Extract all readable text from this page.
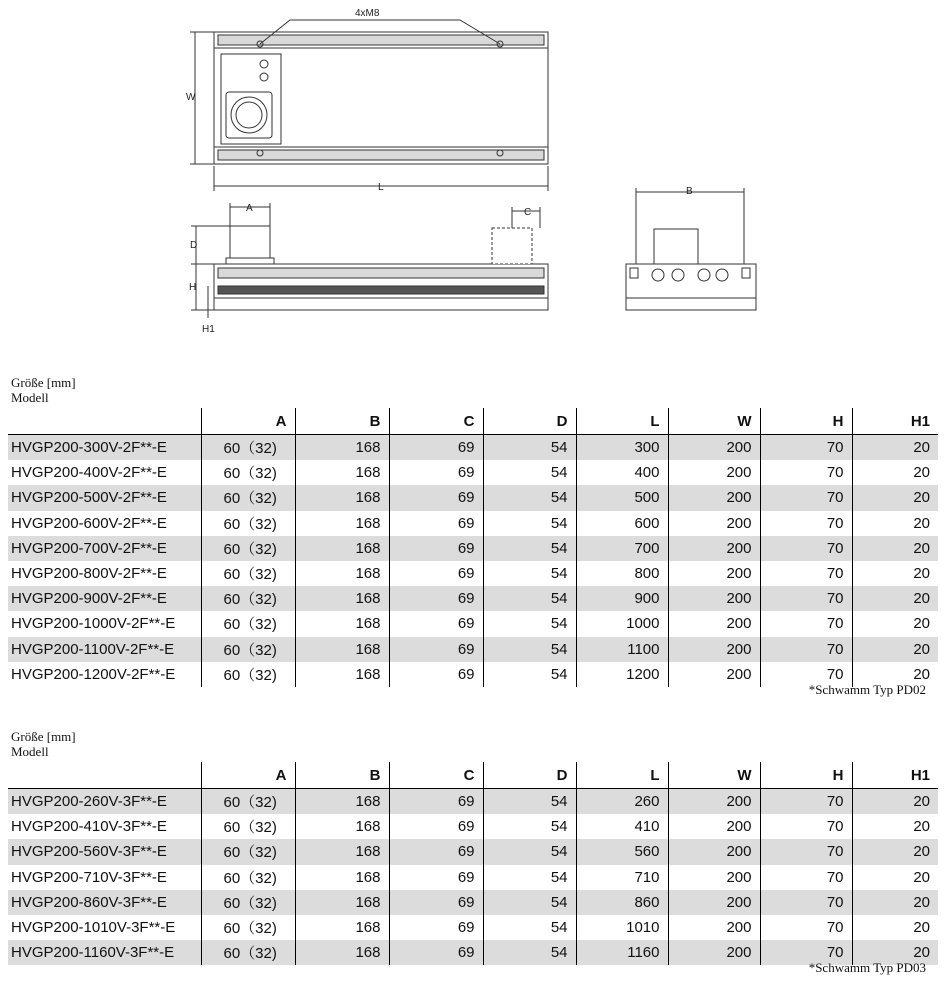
4xM8
W
L
A	C
D
H
H1
B
Größe [mm]
Modell
	A	B	C	D	L	W	H	H1
HVGP200-300V-2F**-E	60（32)	168	69	54	300	200	70	20
HVGP200-400V-2F**-E	60（32)	168	69	54	400	200	70	20
HVGP200-500V-2F**-E	60（32)	168	69	54	500	200	70	20
HVGP200-600V-2F**-E	60（32)	168	69	54	600	200	70	20
HVGP200-700V-2F**-E	60（32)	168	69	54	700	200	70	20
HVGP200-800V-2F**-E	60（32)	168	69	54	800	200	70	20
HVGP200-900V-2F**-E	60（32)	168	69	54	900	200	70	20
HVGP200-1000V-2F**-E	60（32)	168	69	54	1000	200	70	20
HVGP200-1100V-2F**-E	60（32)	168	69	54	1100	200	70	20
HVGP200-1200V-2F**-E	60（32)	168	69	54	1200	200	70	20
*Schwamm Typ PD02
Größe [mm]
Modell
	A	B	C	D	L	W	H	H1
HVGP200-260V-3F**-E	60（32)	168	69	54	260	200	70	20
HVGP200-410V-3F**-E	60（32)	168	69	54	410	200	70	20
HVGP200-560V-3F**-E	60（32)	168	69	54	560	200	70	20
HVGP200-710V-3F**-E	60（32)	168	69	54	710	200	70	20
HVGP200-860V-3F**-E	60（32)	168	69	54	860	200	70	20
HVGP200-1010V-3F**-E	60（32)	168	69	54	1010	200	70	20
HVGP200-1160V-3F**-E	60（32)	168	69	54	1160	200	70	20
*Schwamm Typ PD03
